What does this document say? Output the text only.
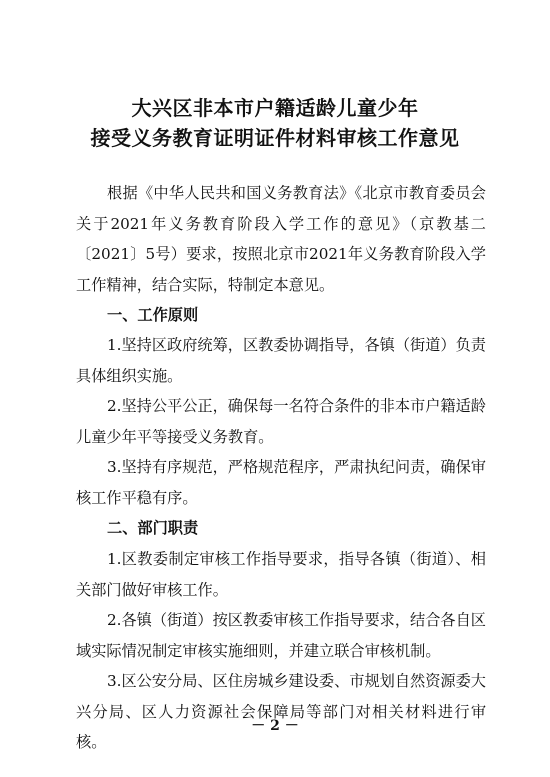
大兴区非本市户籍适龄儿童少年
接受义务教育证明证件材料审核工作意见

根据《中华人民共和国义务教育法》《北京市教育委员会关于2021年义务教育阶段入学工作的意见》（京教基二〔2021〕5号）要求，按照北京市2021年义务教育阶段入学工作精神，结合实际，特制定本意见。

一、工作原则

1.坚持区政府统筹，区教委协调指导，各镇（街道）负责具体组织实施。

2.坚持公平公正，确保每一名符合条件的非本市户籍适龄儿童少年平等接受义务教育。

3.坚持有序规范，严格规范程序，严肃执纪问责，确保审核工作平稳有序。

二、部门职责

1.区教委制定审核工作指导要求，指导各镇（街道）、相关部门做好审核工作。

2.各镇（街道）按区教委审核工作指导要求，结合各自区域实际情况制定审核实施细则，并建立联合审核机制。

3.区公安分局、区住房城乡建设委、市规划自然资源委大兴分局、区人力资源社会保障局等部门对相关材料进行审核。

－ 2 －
